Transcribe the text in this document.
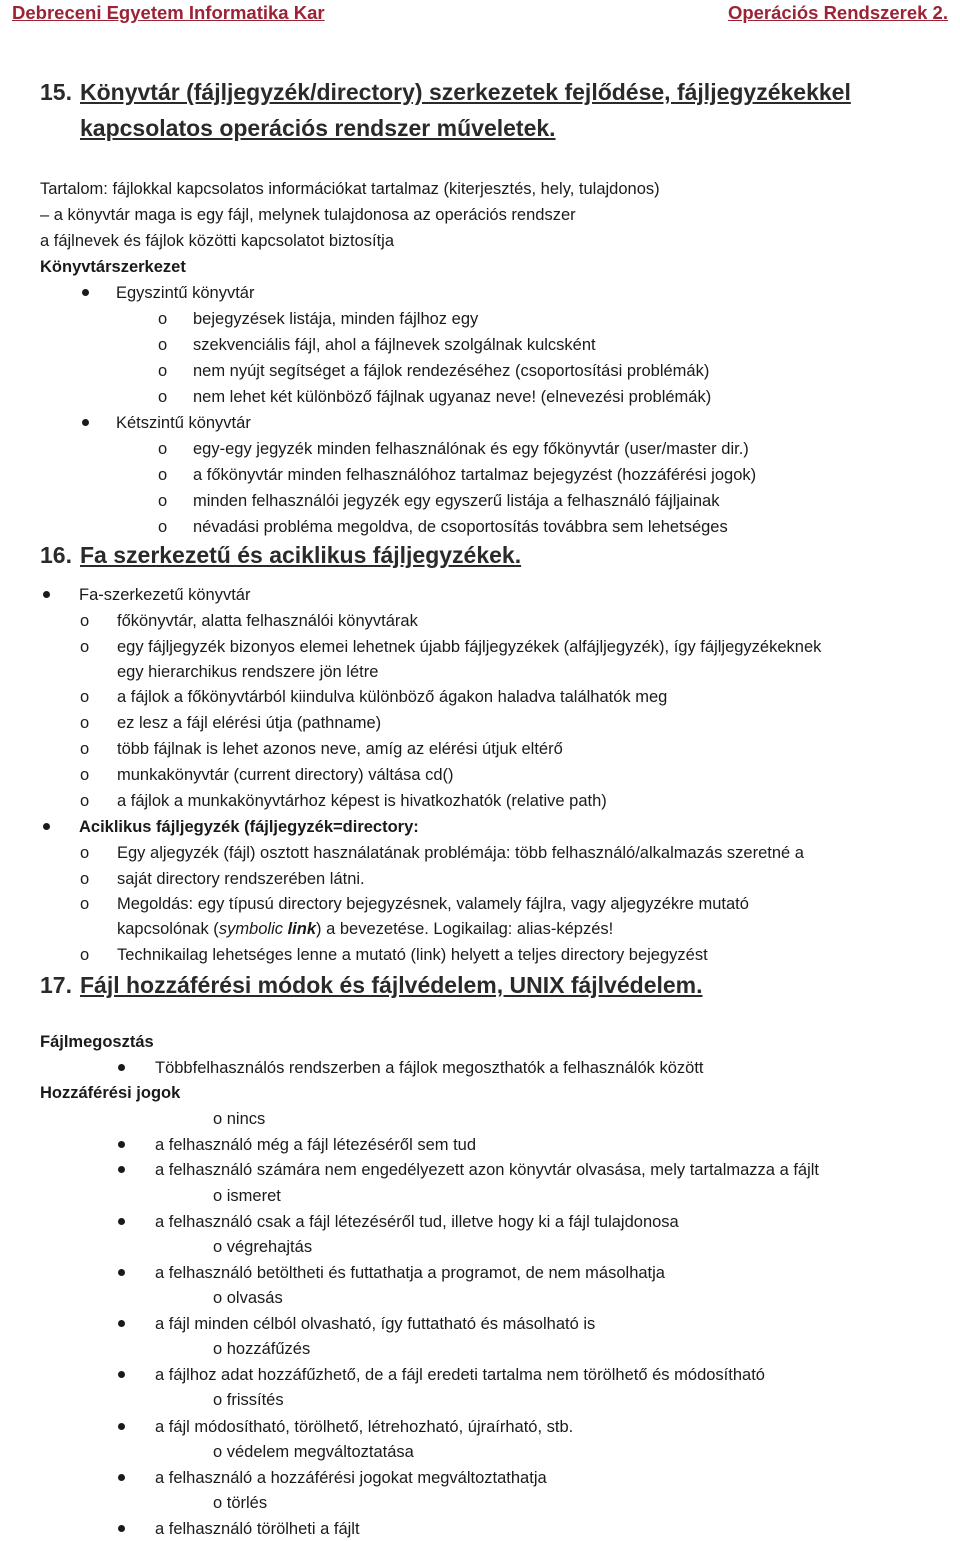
Debreceni Egyetem Informatika Kar	Operációs Rendszerek 2.
15. Könyvtár (fájljegyzék/directory) szerkezetek fejlődése, fájljegyzékekkel
kapcsolatos operációs rendszer műveletek.
Tartalom: fájlokkal kapcsolatos információkat tartalmaz (kiterjesztés, hely, tulajdonos)
– a könyvtár maga is egy fájl, melynek tulajdonosa az operációs rendszer
a fájlnevek és fájlok közötti kapcsolatot biztosítja
Könyvtárszerkezet
Egyszintű könyvtár
o bejegyzések listája, minden fájlhoz egy
o szekvenciális fájl, ahol a fájlnevek szolgálnak kulcsként
o nem nyújt segítséget a fájlok rendezéséhez (csoportosítási problémák)
o nem lehet két különböző fájlnak ugyanaz neve! (elnevezési problémák)
Kétszintű könyvtár
o egy-egy jegyzék minden felhasználónak és egy főkönyvtár (user/master dir.)
o a főkönyvtár minden felhasználóhoz tartalmaz bejegyzést (hozzáférési jogok)
o minden felhasználói jegyzék egy egyszerű listája a felhasználó fájljainak
o névadási probléma megoldva, de csoportosítás továbbra sem lehetséges
16. Fa szerkezetű és aciklikus fájljegyzékek.
Fa-szerkezetű könyvtár
o főkönyvtár, alatta felhasználói könyvtárak
o egy fájljegyzék bizonyos elemei lehetnek újabb fájljegyzékek (alfájljegyzék), így fájljegyzékeknek
egy hierarchikus rendszere jön létre
o a fájlok a főkönyvtárból kiindulva különböző ágakon haladva találhatók meg
o ez lesz a fájl elérési útja (pathname)
o több fájlnak is lehet azonos neve, amíg az elérési útjuk eltérő
o munkakönyvtár (current directory) váltása cd()
o a fájlok a munkakönyvtárhoz képest is hivatkozhatók (relative path)
Aciklikus fájljegyzék (fájljegyzék=directory:
o Egy aljegyzék (fájl) osztott használatának problémája: több felhasználó/alkalmazás szeretné a
o saját directory rendszerében látni.
o Megoldás: egy típusú directory bejegyzésnek, valamely fájlra, vagy aljegyzékre mutató
kapcsolónak (symbolic link) a bevezetése. Logikailag: alias-képzés!
o Technikailag lehetséges lenne a mutató (link) helyett a teljes directory bejegyzést
17. Fájl hozzáférési módok és fájlvédelem, UNIX fájlvédelem.
Fájlmegosztás
Többfelhasználós rendszerben a fájlok megoszthatók a felhasználók között
Hozzáférési jogok
o nincs
a felhasználó még a fájl létezéséről sem tud
a felhasználó számára nem engedélyezett azon könyvtár olvasása, mely tartalmazza a fájlt
o ismeret
a felhasználó csak a fájl létezéséről tud, illetve hogy ki a fájl tulajdonosa
o végrehajtás
a felhasználó betöltheti és futtathatja a programot, de nem másolhatja
o olvasás
a fájl minden célból olvasható, így futtatható és másolható is
o hozzáfűzés
a fájlhoz adat hozzáfűzhető, de a fájl eredeti tartalma nem törölhető és módosítható
o frissítés
a fájl módosítható, törölhető, létrehozható, újraírható, stb.
o védelem megváltoztatása
a felhasználó a hozzáférési jogokat megváltoztathatja
o törlés
a felhasználó törölheti a fájlt
